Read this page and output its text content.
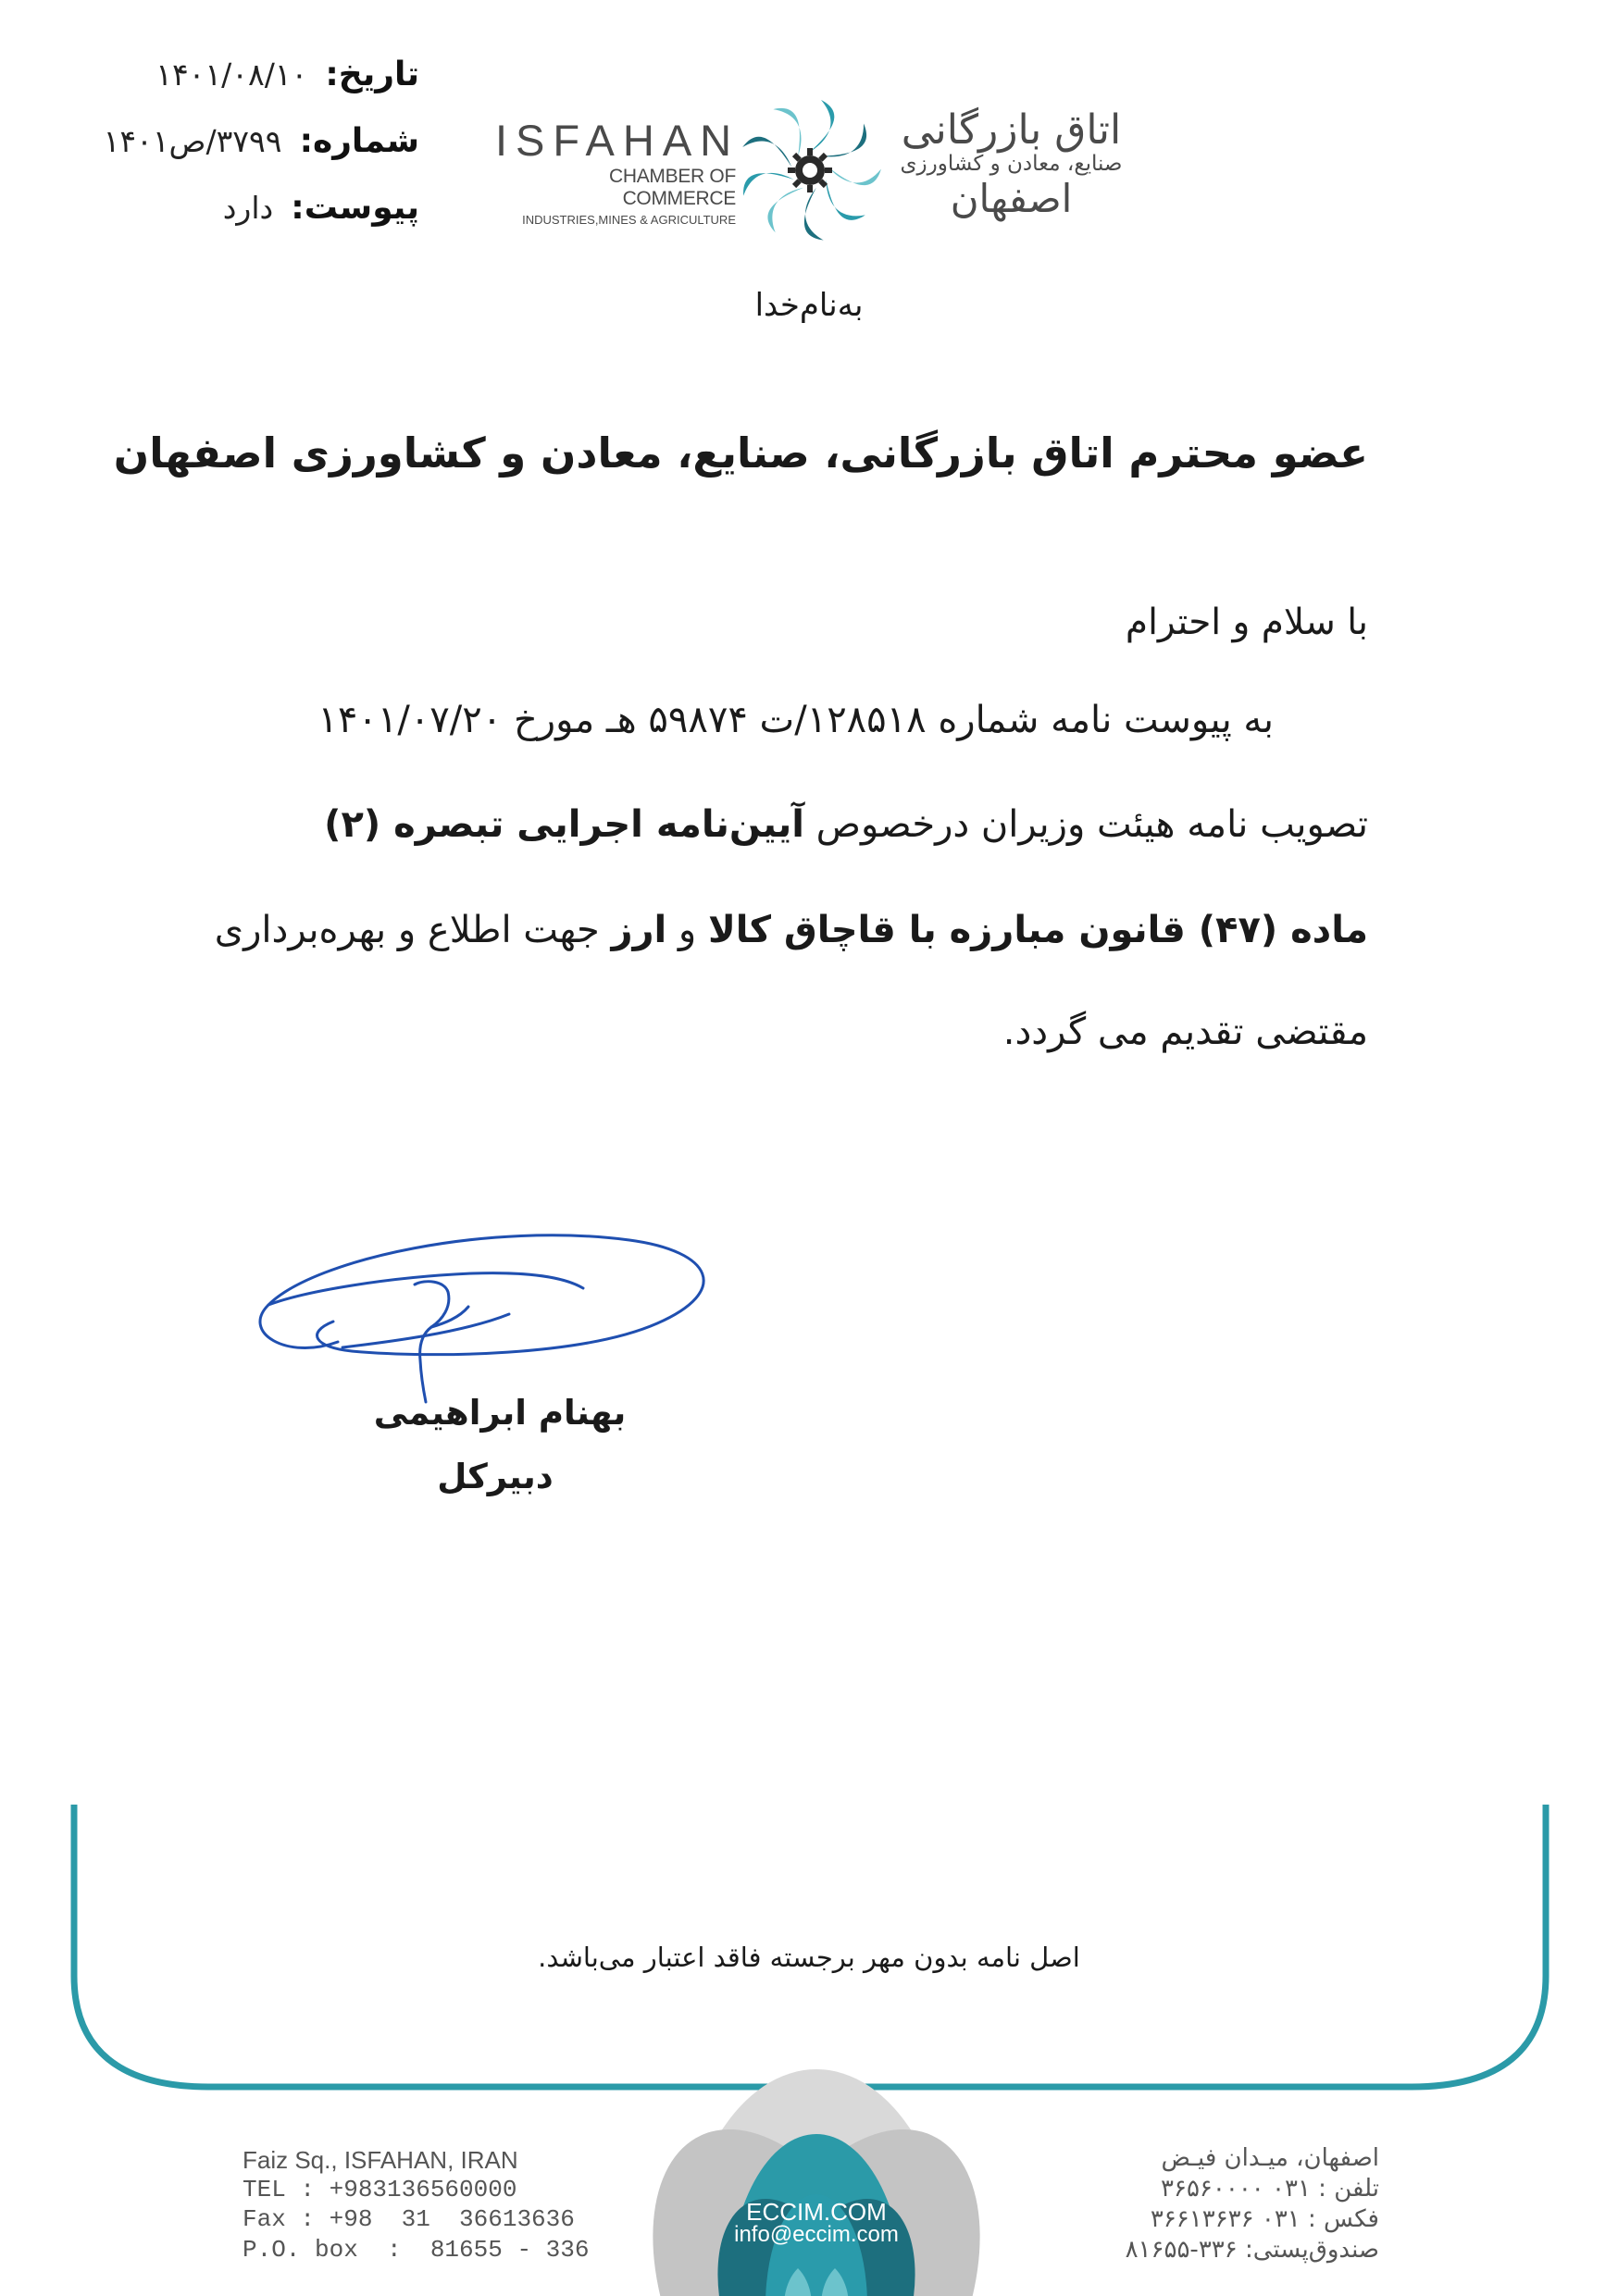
تاریخ: ۱۴۰۱/۰۸/۱۰
شماره: ۳۷۹۹/ص۱۴۰۱
پیوست: دارد
ISFAHAN
CHAMBER OF COMMERCE
INDUSTRIES,MINES & AGRICULTURE
اتاق بازرگانی
صنایع، معادن و کشاورزی
اصفهان
به‌نام‌خدا
عضو محترم اتاق بازرگانی، صنایع، معادن و کشاورزی اصفهان
با سلام و احترام
به پیوست نامه شماره ۱۲۸۵۱۸/ت ۵۹۸۷۴ هـ مورخ ۱۴۰۱/۰۷/۲۰
تصویب نامه هیئت وزیران درخصوص آیین‌نامه اجرایی تبصره (۲)
ماده (۴۷) قانون مبارزه با قاچاق کالا و ارز جهت اطلاع و بهره‌برداری
مقتضی تقدیم می گردد.
بهنام ابراهیمی
دبیرکل
اصل نامه بدون مهر برجسته فاقد اعتبار می‌باشد.
Faiz Sq., ISFAHAN, IRAN
TEL : +983136560000
Fax : +98  31  36613636
P.O. box  :  81655 - 336
ECCIM.COM
info@eccim.com
اصفهان، میـدان فیـض
تلفن : ۰۳۱ ۳۶۵۶۰۰۰۰
فکس : ۰۳۱ ۳۶۶۱۳۶۳۶
صندوق‌پستی: ۳۳۶-۸۱۶۵۵
